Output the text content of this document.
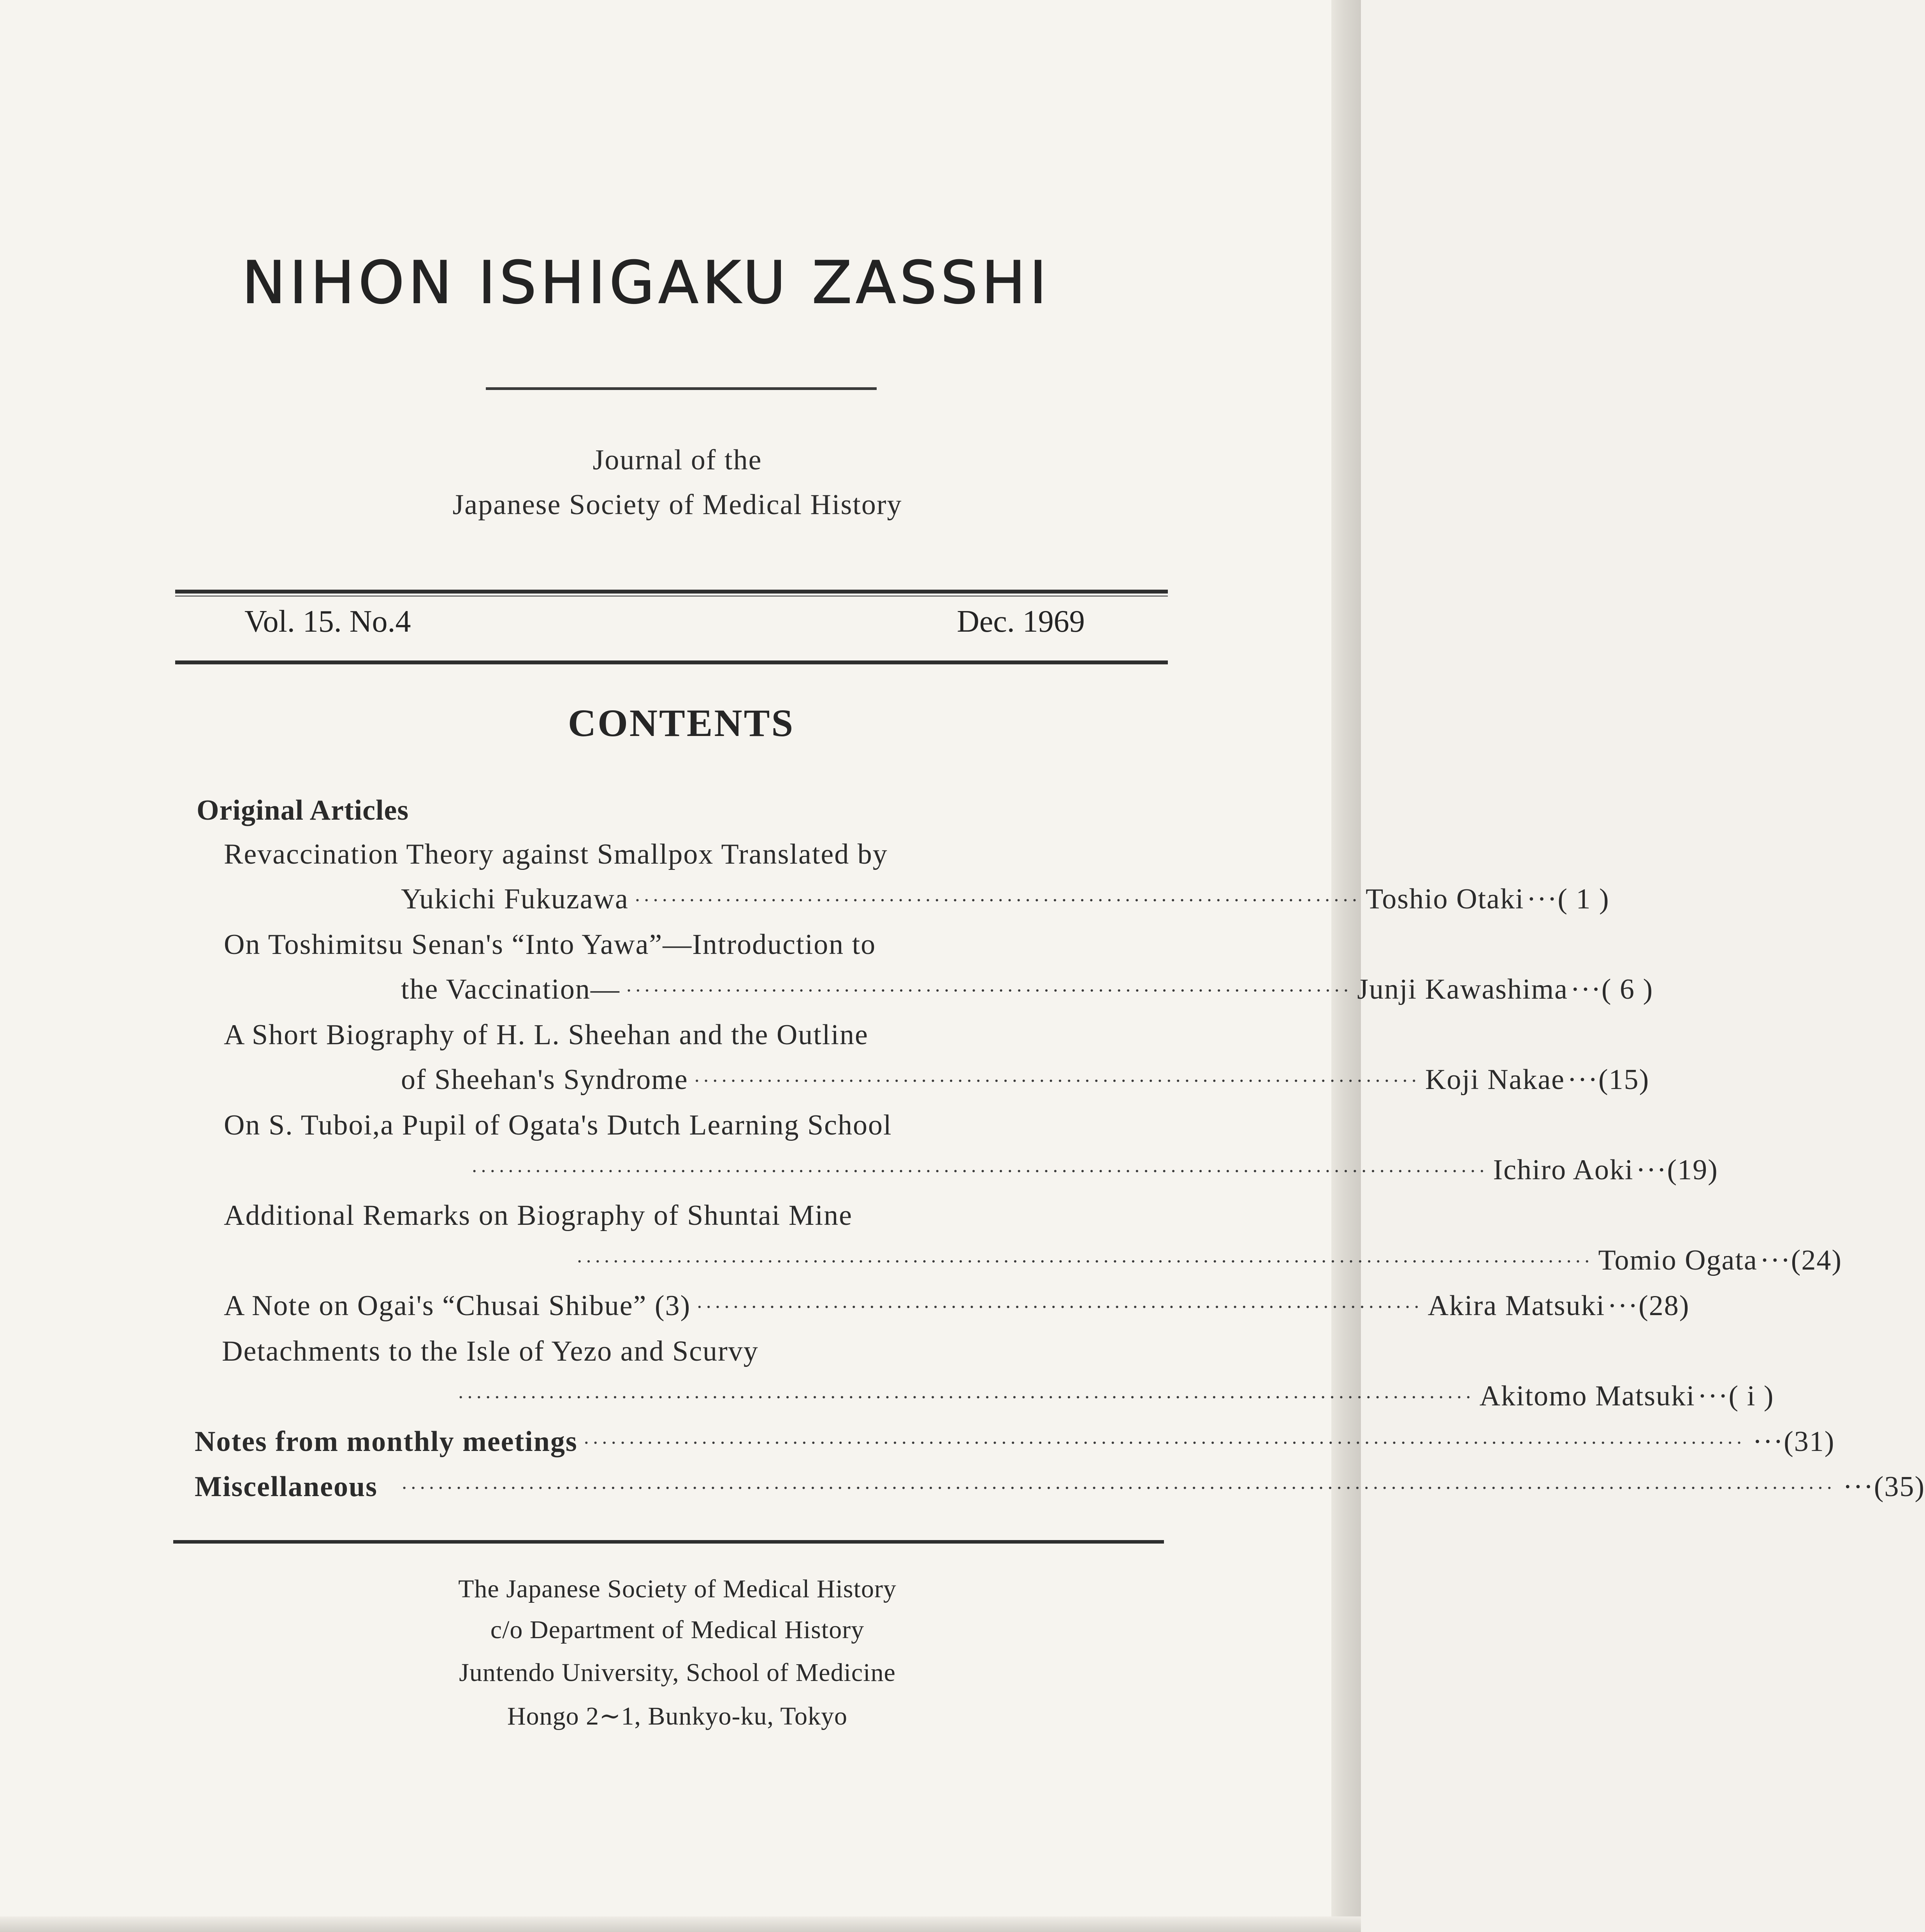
NIHON ISHIGAKU ZASSHI
Journal of the
Japanese Society of Medical History
Vol. 15. No.4	Dec. 1969
CONTENTS
Original Articles
Revaccination Theory against Smallpox Translated by
Yukichi Fukuzawa ················································································ Toshio Otaki ···( 1 )
On Toshimitsu Senan's “Into Yawa”—Introduction to
the Vaccination— ················································································ Junji Kawashima ···( 6 )
A Short Biography of H. L. Sheehan and the Outline
of Sheehan's Syndrome ················································································ Koji Nakae ···(15)
On S. Tuboi,a Pupil of Ogata's Dutch Learning School
················································································································ Ichiro Aoki ···(19)
Additional Remarks on Biography of Shuntai Mine
················································································································ Tomio Ogata ···(24)
A Note on Ogai's “Chusai Shibue” (3) ················································································ Akira Matsuki ···(28)
Detachments to the Isle of Yezo and Scurvy
················································································································ Akitomo Matsuki ···( i )
Notes from monthly meetings ································································································································ ···(31)
Miscellaneous ······························································································································································ ···(35)
The Japanese Society of Medical History
c/o Department of Medical History
Juntendo University, School of Medicine
Hongo 2∼1, Bunkyo-ku, Tokyo
